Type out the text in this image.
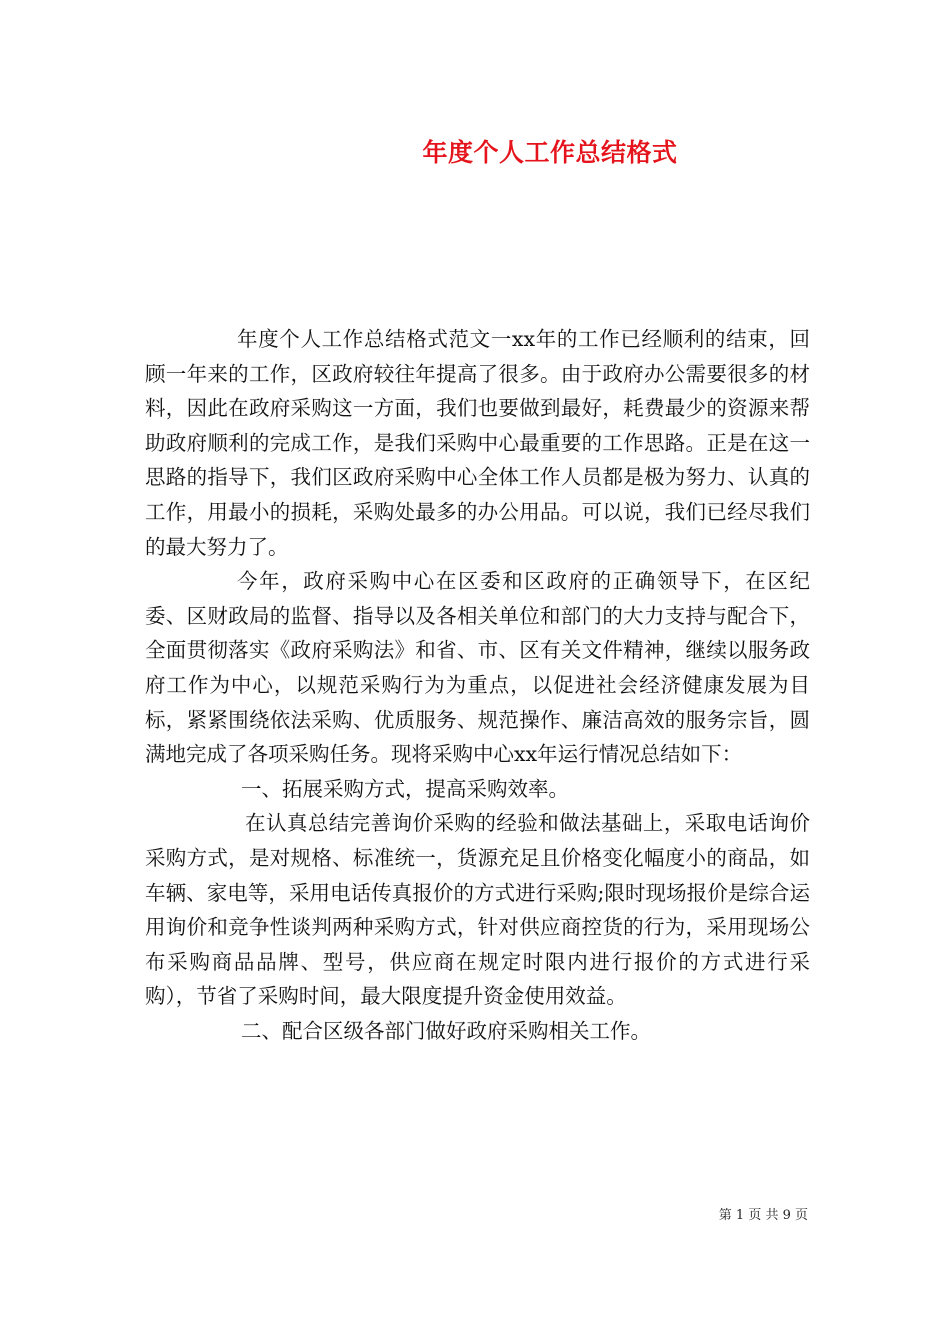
年度个人工作总结格式

年度个人工作总结格式范文一xx年的工作已经顺利的结束，回顾一年来的工作，区政府较往年提高了很多。由于政府办公需要很多的材料，因此在政府采购这一方面，我们也要做到最好，耗费最少的资源来帮助政府顺利的完成工作，是我们采购中心最重要的工作思路。正是在这一思路的指导下，我们区政府采购中心全体工作人员都是极为努力、认真的工作，用最小的损耗，采购处最多的办公用品。可以说，我们已经尽我们的最大努力了。

今年，政府采购中心在区委和区政府的正确领导下，在区纪委、区财政局的监督、指导以及各相关单位和部门的大力支持与配合下，全面贯彻落实《政府采购法》和省、市、区有关文件精神，继续以服务政府工作为中心，以规范采购行为为重点，以促进社会经济健康发展为目标，紧紧围绕依法采购、优质服务、规范操作、廉洁高效的服务宗旨，圆满地完成了各项采购任务。现将采购中心xx年运行情况总结如下：

一、拓展采购方式，提高采购效率。

在认真总结完善询价采购的经验和做法基础上，采取电话询价采购方式，是对规格、标准统一，货源充足且价格变化幅度小的商品，如车辆、家电等，采用电话传真报价的方式进行采购;限时现场报价是综合运用询价和竞争性谈判两种采购方式，针对供应商控货的行为，采用现场公布采购商品品牌、型号，供应商在规定时限内进行报价的方式进行采购），节省了采购时间，最大限度提升资金使用效益。

二、配合区级各部门做好政府采购相关工作。

第 1 页 共 9 页
